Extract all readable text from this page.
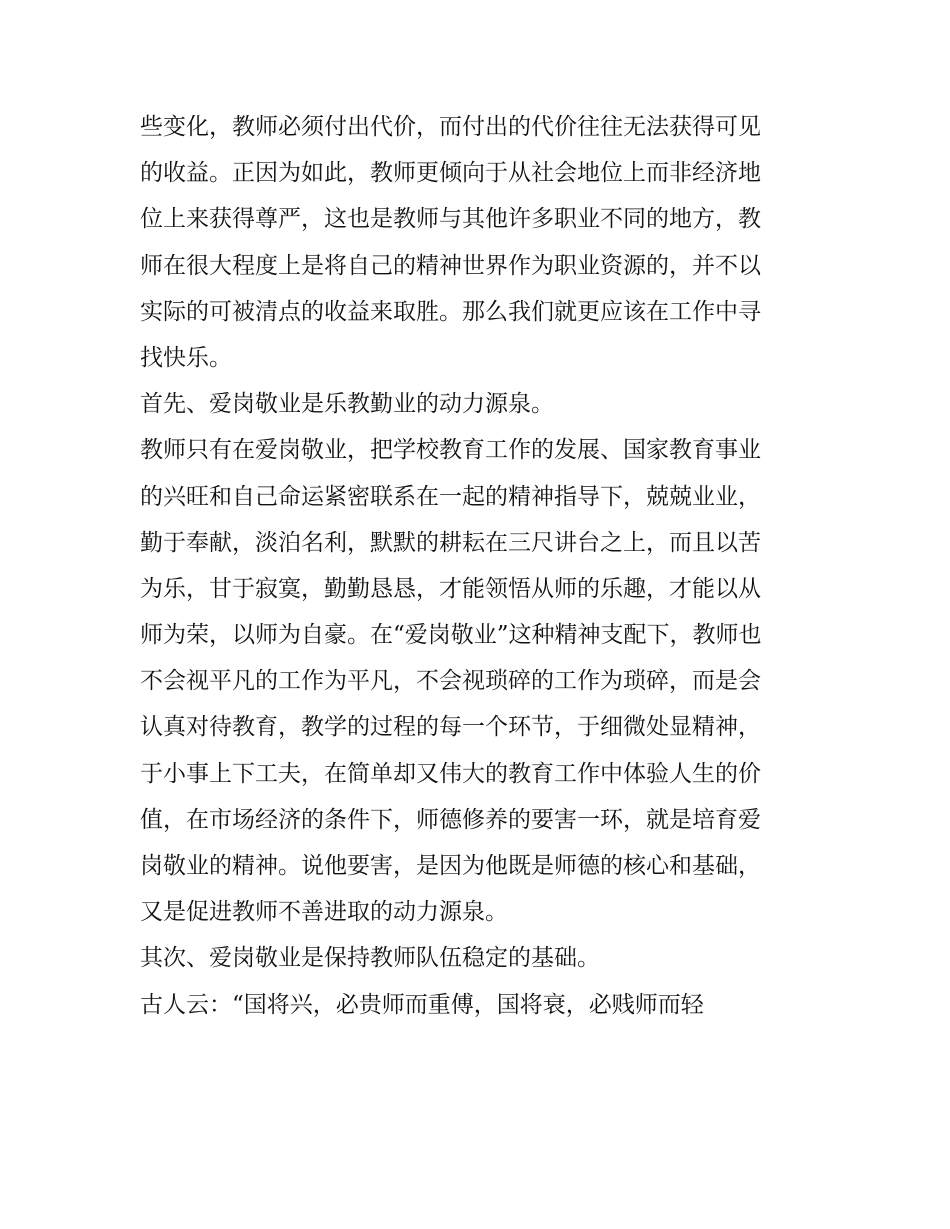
些变化，教师必须付出代价，而付出的代价往往无法获得可见
的收益。正因为如此，教师更倾向于从社会地位上而非经济地
位上来获得尊严，这也是教师与其他许多职业不同的地方，教
师在很大程度上是将自己的精神世界作为职业资源的，并不以
实际的可被清点的收益来取胜。那么我们就更应该在工作中寻
找快乐。
首先、爱岗敬业是乐教勤业的动力源泉。
教师只有在爱岗敬业，把学校教育工作的发展、国家教育事业
的兴旺和自己命运紧密联系在一起的精神指导下，兢兢业业，
勤于奉献，淡泊名利，默默的耕耘在三尺讲台之上，而且以苦
为乐，甘于寂寞，勤勤恳恳，才能领悟从师的乐趣，才能以从
师为荣，以师为自豪。在“爱岗敬业”这种精神支配下，教师也
不会视平凡的工作为平凡，不会视琐碎的工作为琐碎，而是会
认真对待教育，教学的过程的每一个环节，于细微处显精神，
于小事上下工夫，在简单却又伟大的教育工作中体验人生的价
值，在市场经济的条件下，师德修养的要害一环，就是培育爱
岗敬业的精神。说他要害，是因为他既是师德的核心和基础，
又是促进教师不善进取的动力源泉。
其次、爱岗敬业是保持教师队伍稳定的基础。
古人云：“国将兴，必贵师而重傅，国将衰，必贱师而轻
